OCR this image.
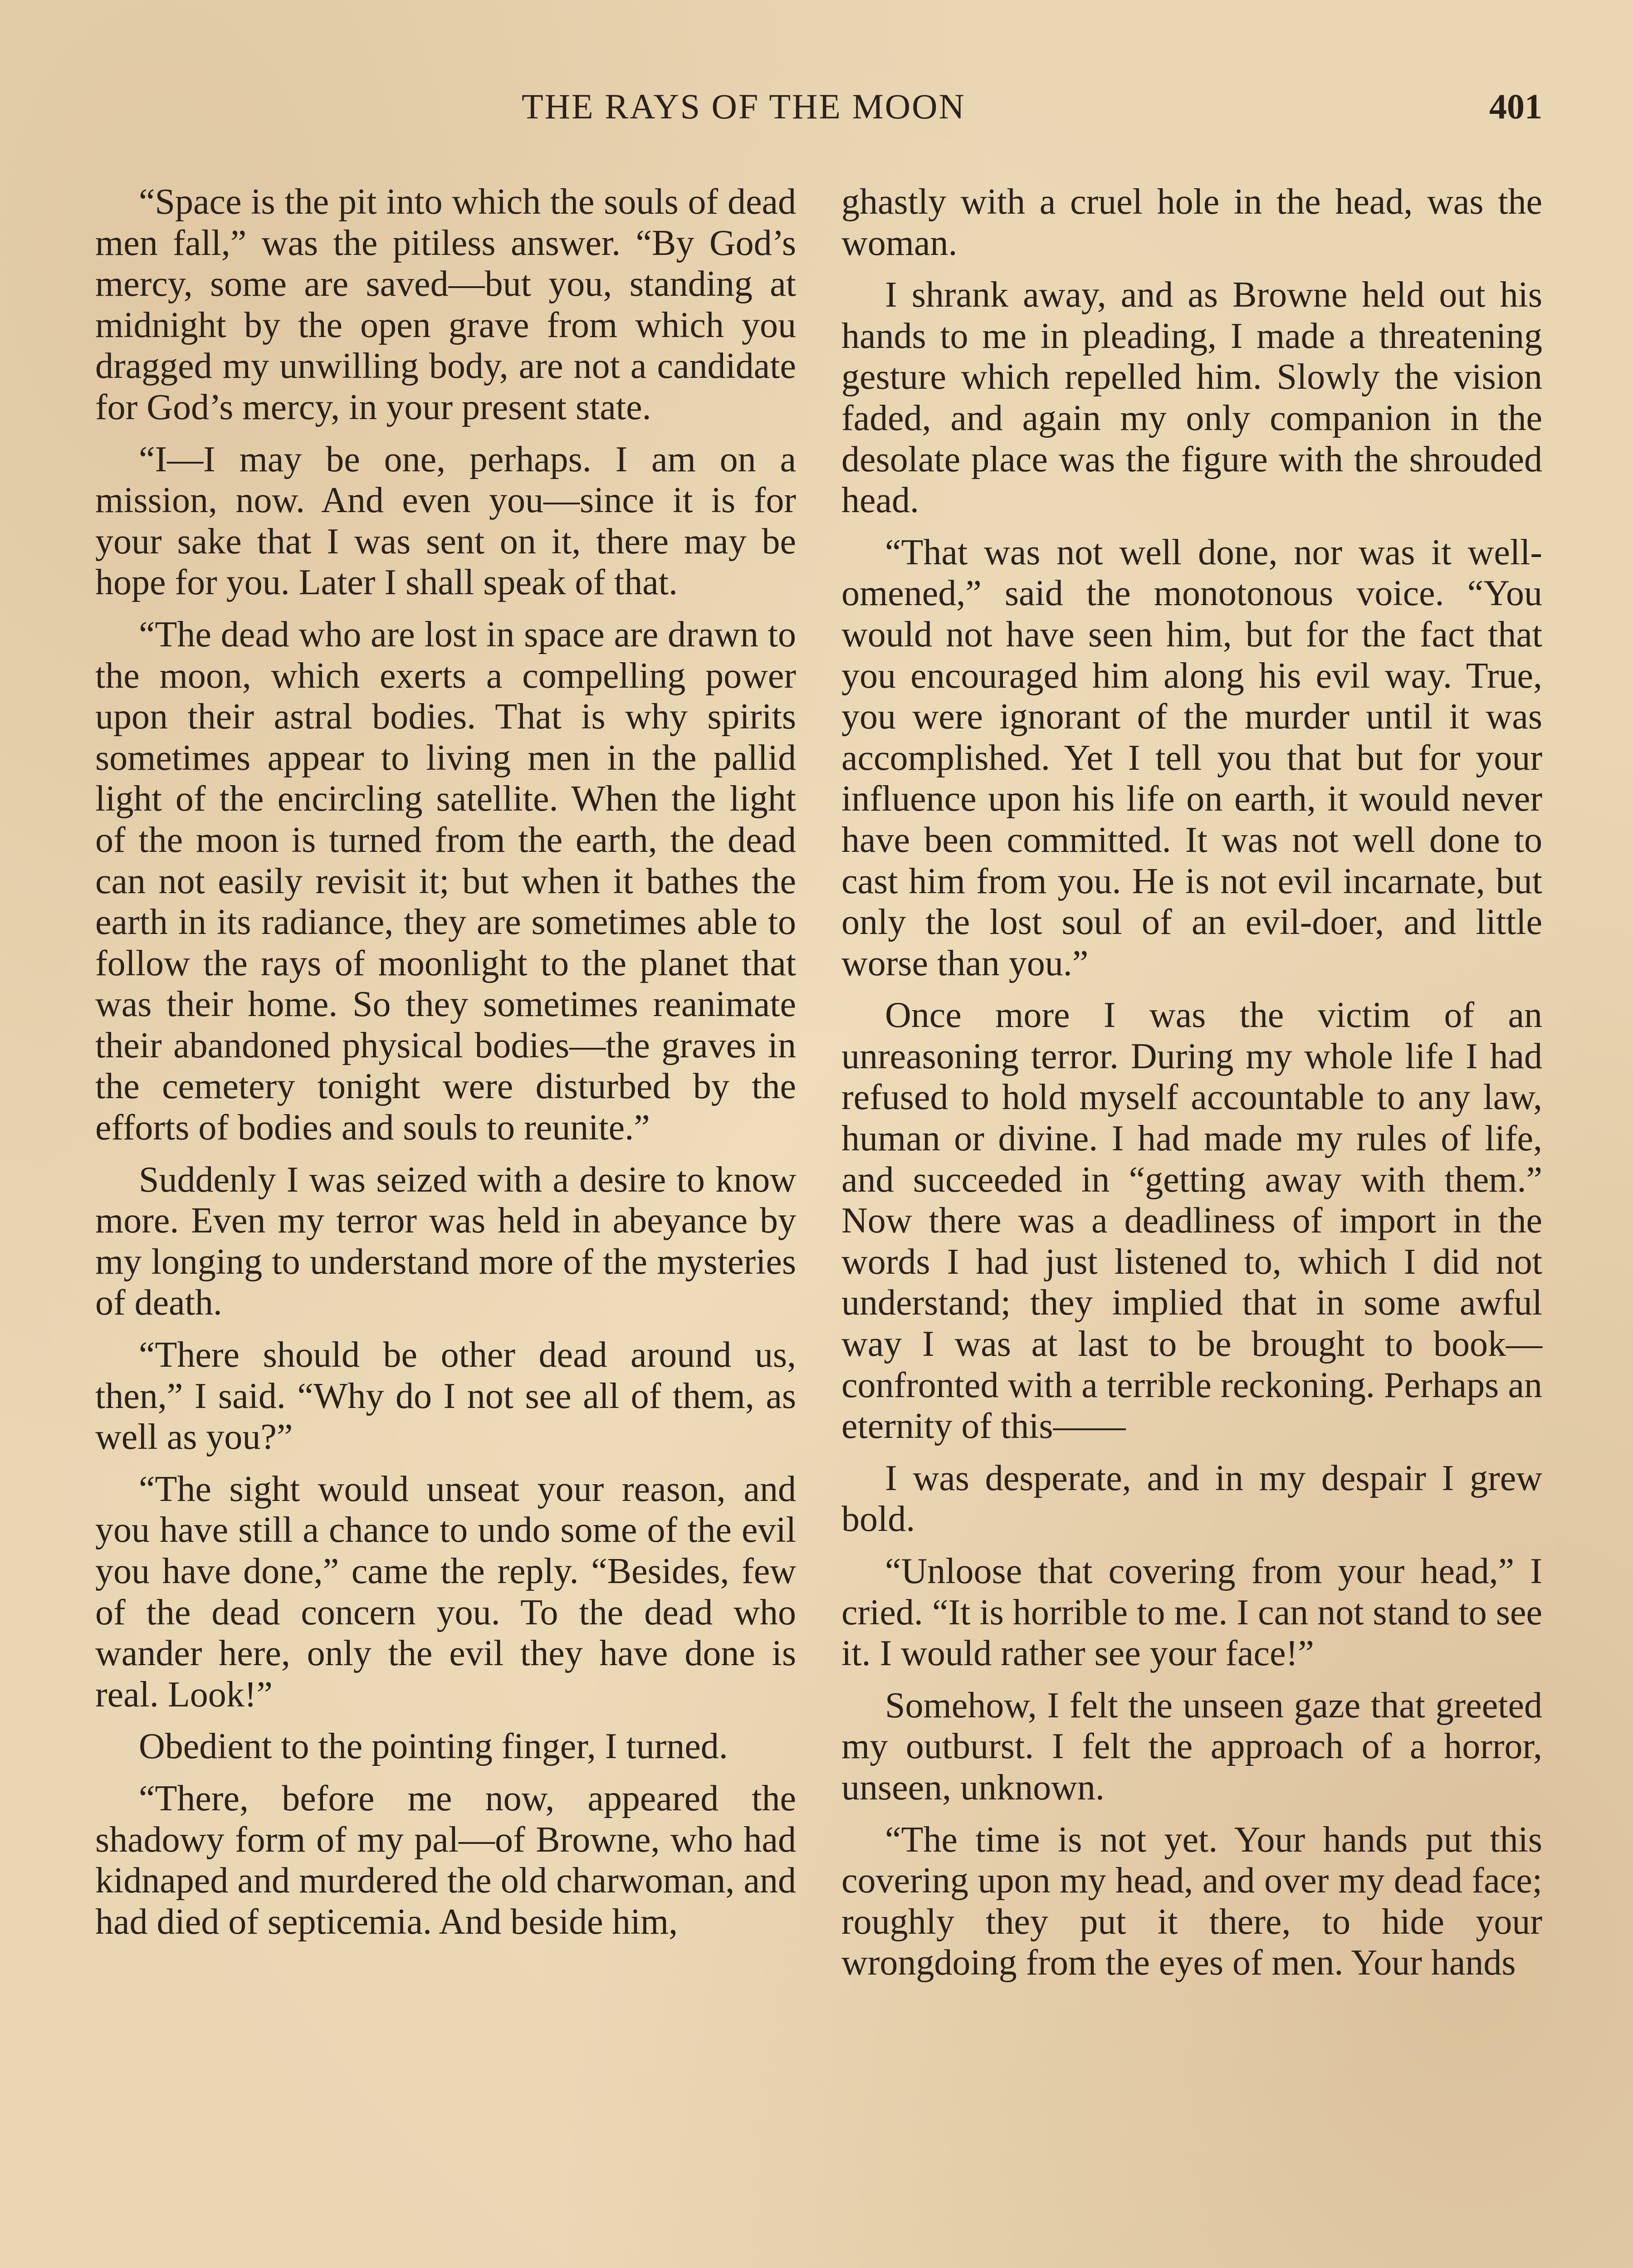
THE RAYS OF THE MOON	401

“Space is the pit into which the souls of dead men fall,” was the pitiless answer. “By God’s mercy, some are saved—but you, standing at midnight by the open grave from which you dragged my unwilling body, are not a candidate for God’s mercy, in your present state.

“I—I may be one, perhaps. I am on a mission, now. And even you—since it is for your sake that I was sent on it, there may be hope for you. Later I shall speak of that.

“The dead who are lost in space are drawn to the moon, which exerts a compelling power upon their astral bodies. That is why spirits sometimes appear to living men in the pallid light of the encircling satellite. When the light of the moon is turned from the earth, the dead can not easily revisit it; but when it bathes the earth in its radiance, they are sometimes able to follow the rays of moonlight to the planet that was their home. So they sometimes reanimate their abandoned physical bodies—the graves in the cemetery tonight were disturbed by the efforts of bodies and souls to reunite.”

Suddenly I was seized with a desire to know more. Even my terror was held in abeyance by my longing to understand more of the mysteries of death.

“There should be other dead around us, then,” I said. “Why do I not see all of them, as well as you?”

“The sight would unseat your reason, and you have still a chance to undo some of the evil you have done,” came the reply. “Besides, few of the dead concern you. To the dead who wander here, only the evil they have done is real. Look!”

Obedient to the pointing finger, I turned.

“There, before me now, appeared the shadowy form of my pal—of Browne, who had kidnaped and murdered the old charwoman, and had died of septicemia. And beside him,

ghastly with a cruel hole in the head, was the woman.

I shrank away, and as Browne held out his hands to me in pleading, I made a threatening gesture which repelled him. Slowly the vision faded, and again my only companion in the desolate place was the figure with the shrouded head.

“That was not well done, nor was it well-omened,” said the monotonous voice. “You would not have seen him, but for the fact that you encouraged him along his evil way. True, you were ignorant of the murder until it was accomplished. Yet I tell you that but for your influence upon his life on earth, it would never have been committed. It was not well done to cast him from you. He is not evil incarnate, but only the lost soul of an evil-doer, and little worse than you.”

Once more I was the victim of an unreasoning terror. During my whole life I had refused to hold myself accountable to any law, human or divine. I had made my rules of life, and succeeded in “getting away with them.” Now there was a deadliness of import in the words I had just listened to, which I did not understand; they implied that in some awful way I was at last to be brought to book—confronted with a terrible reckoning. Perhaps an eternity of this——

I was desperate, and in my despair I grew bold.

“Unloose that covering from your head,” I cried. “It is horrible to me. I can not stand to see it. I would rather see your face!”

Somehow, I felt the unseen gaze that greeted my outburst. I felt the approach of a horror, unseen, unknown.

“The time is not yet. Your hands put this covering upon my head, and over my dead face; roughly they put it there, to hide your wrongdoing from the eyes of men. Your hands
